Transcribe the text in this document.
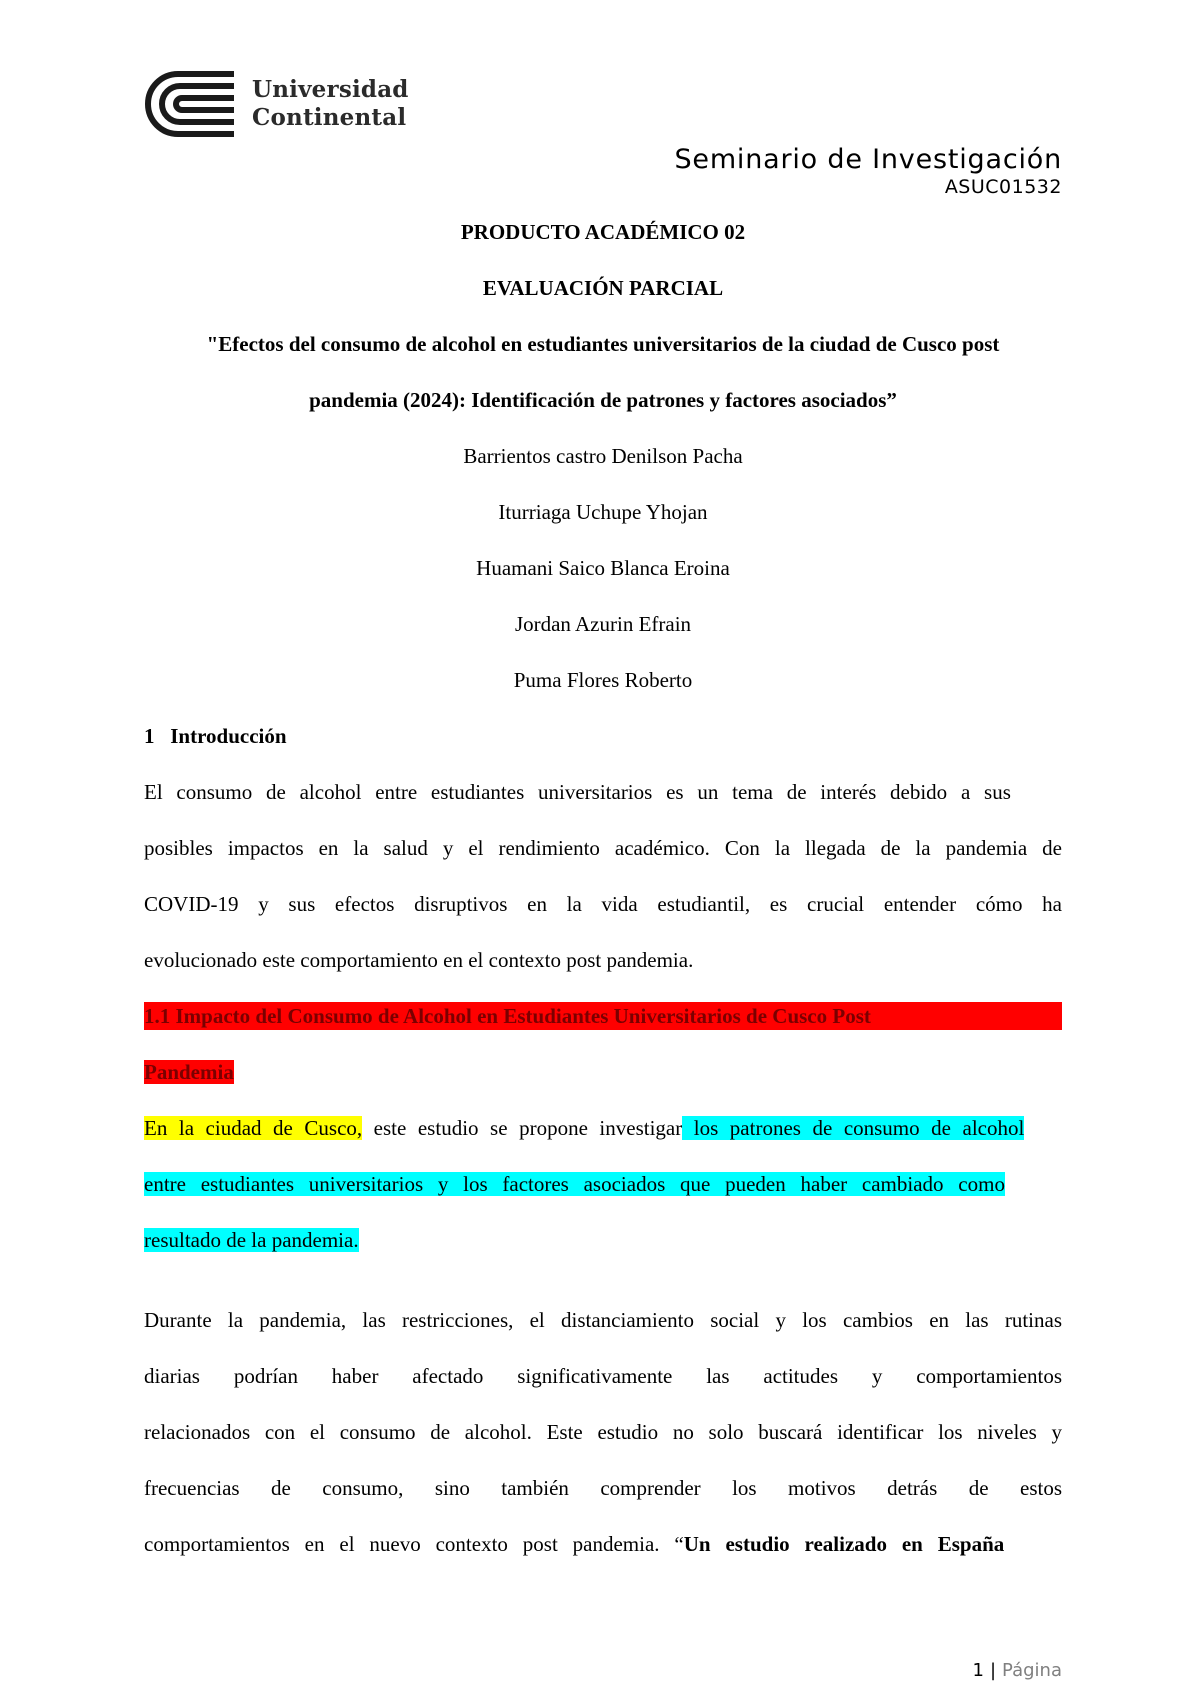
Universidad
Continental
Seminario de Investigación
ASUC01532
PRODUCTO ACADÉMICO 02
EVALUACIÓN PARCIAL
"Efectos del consumo de alcohol en estudiantes universitarios de la ciudad de Cusco post
pandemia (2024): Identificación de patrones y factores asociados”
Barrientos castro Denilson Pacha
Iturriaga Uchupe Yhojan
Huamani Saico Blanca Eroina
Jordan Azurin Efrain
Puma Flores Roberto
1   Introducción
El consumo de alcohol entre estudiantes universitarios es un tema de interés debido a sus
posibles impactos en la salud y el rendimiento académico. Con la llegada de la pandemia de
COVID-19 y sus efectos disruptivos en la vida estudiantil, es crucial entender cómo ha
evolucionado este comportamiento en el contexto post pandemia.
1.1 Impacto del Consumo de Alcohol en Estudiantes Universitarios de Cusco Post
Pandemia
En la ciudad de Cusco, este estudio se propone investigar los patrones de consumo de alcohol
entre estudiantes universitarios y los factores asociados que pueden haber cambiado como
resultado de la pandemia.
Durante la pandemia, las restricciones, el distanciamiento social y los cambios en las rutinas
diarias podrían haber afectado significativamente las actitudes y comportamientos
relacionados con el consumo de alcohol. Este estudio no solo buscará identificar los niveles y
frecuencias de consumo, sino también comprender los motivos detrás de estos
comportamientos en el nuevo contexto post pandemia. “Un estudio realizado en España
1 | Página
